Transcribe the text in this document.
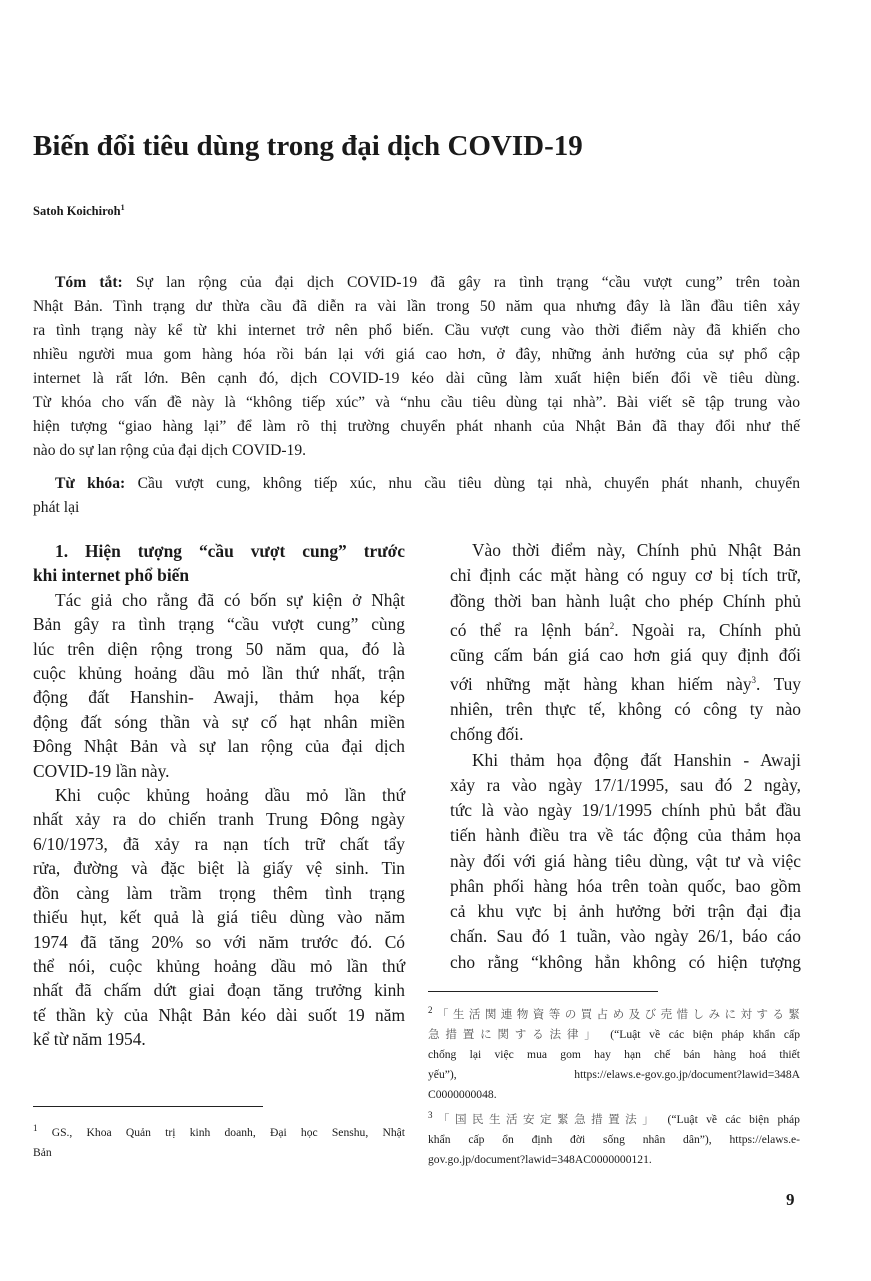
Biến đổi tiêu dùng trong đại dịch COVID-19
Satoh Koichiroh$^1$
Tóm tắt: Sự lan rộng của đại dịch COVID-19 đã gây ra tình trạng “cầu vượt cung” trên toàn
Nhật Bản. Tình trạng dư thừa cầu đã diễn ra vài lần trong 50 năm qua nhưng đây là lần đầu tiên xảy
ra tình trạng này kể từ khi internet trở nên phổ biến. Cầu vượt cung vào thời điểm này đã khiến cho
nhiều người mua gom hàng hóa rồi bán lại với giá cao hơn, ở đây, những ảnh hưởng của sự phổ cập
internet là rất lớn. Bên cạnh đó, dịch COVID-19 kéo dài cũng làm xuất hiện biến đổi về tiêu dùng.
Từ khóa cho vấn đề này là “không tiếp xúc” và “nhu cầu tiêu dùng tại nhà”. Bài viết sẽ tập trung vào
hiện tượng “giao hàng lại” để làm rõ thị trường chuyển phát nhanh của Nhật Bản đã thay đổi như thế
nào do sự lan rộng của đại dịch COVID-19.
Từ khóa: Cầu vượt cung, không tiếp xúc, nhu cầu tiêu dùng tại nhà, chuyển phát nhanh, chuyển
phát lại
1. Hiện tượng “cầu vượt cung” trước
khi internet phổ biến
Tác giả cho rằng đã có bốn sự kiện ở Nhật
Bản gây ra tình trạng “cầu vượt cung” cùng
lúc trên diện rộng trong 50 năm qua, đó là
cuộc khủng hoảng dầu mỏ lần thứ nhất, trận
động đất Hanshin- Awaji, thảm họa kép
động đất sóng thần và sự cố hạt nhân miền
Đông Nhật Bản và sự lan rộng của đại dịch
COVID-19 lần này.
Khi cuộc khủng hoảng dầu mỏ lần thứ
nhất xảy ra do chiến tranh Trung Đông ngày
6/10/1973, đã xảy ra nạn tích trữ chất tẩy
rửa, đường và đặc biệt là giấy vệ sinh. Tin
đồn càng làm trầm trọng thêm tình trạng
thiếu hụt, kết quả là giá tiêu dùng vào năm
1974 đã tăng 20% so với năm trước đó. Có
thể nói, cuộc khủng hoảng dầu mỏ lần thứ
nhất đã chấm dứt giai đoạn tăng trưởng kinh
tế thần kỳ của Nhật Bản kéo dài suốt 19 năm
kể từ năm 1954.
Vào thời điểm này, Chính phủ Nhật Bản
chỉ định các mặt hàng có nguy cơ bị tích trữ,
đồng thời ban hành luật cho phép Chính phủ
có thể ra lệnh bán$^2$. Ngoài ra, Chính phủ
cũng cấm bán giá cao hơn giá quy định đối
với những mặt hàng khan hiếm này$^3$. Tuy
nhiên, trên thực tế, không có công ty nào
chống đối.
Khi thảm họa động đất Hanshin - Awaji
xảy ra vào ngày 17/1/1995, sau đó 2 ngày,
tức là vào ngày 19/1/1995 chính phủ bắt đầu
tiến hành điều tra về tác động của thảm họa
này đối với giá hàng tiêu dùng, vật tư và việc
phân phối hàng hóa trên toàn quốc, bao gồm
cả khu vực bị ảnh hưởng bởi trận đại địa
chấn. Sau đó 1 tuần, vào ngày 26/1, báo cáo
cho rằng “không hẳn không có hiện tượng
$^1$ GS., Khoa Quản trị kinh doanh, Đại học Senshu, Nhật
Bản
$^2$「生活関連物資等の買占め及び売惜しみに対する緊
急措置に関する法律」 (“Luật về các biện pháp khẩn cấp
chống lại việc mua gom hay hạn chế bán hàng hoá thiết
yếu”), https://elaws.e-gov.go.jp/document?lawid=348A
C0000000048.
$^3$「国民生活安定緊急措置法」 (“Luật về các biện pháp
khẩn cấp ổn định đời sống nhân dân”), https://elaws.e-
gov.go.jp/document?lawid=348AC0000000121.
9
